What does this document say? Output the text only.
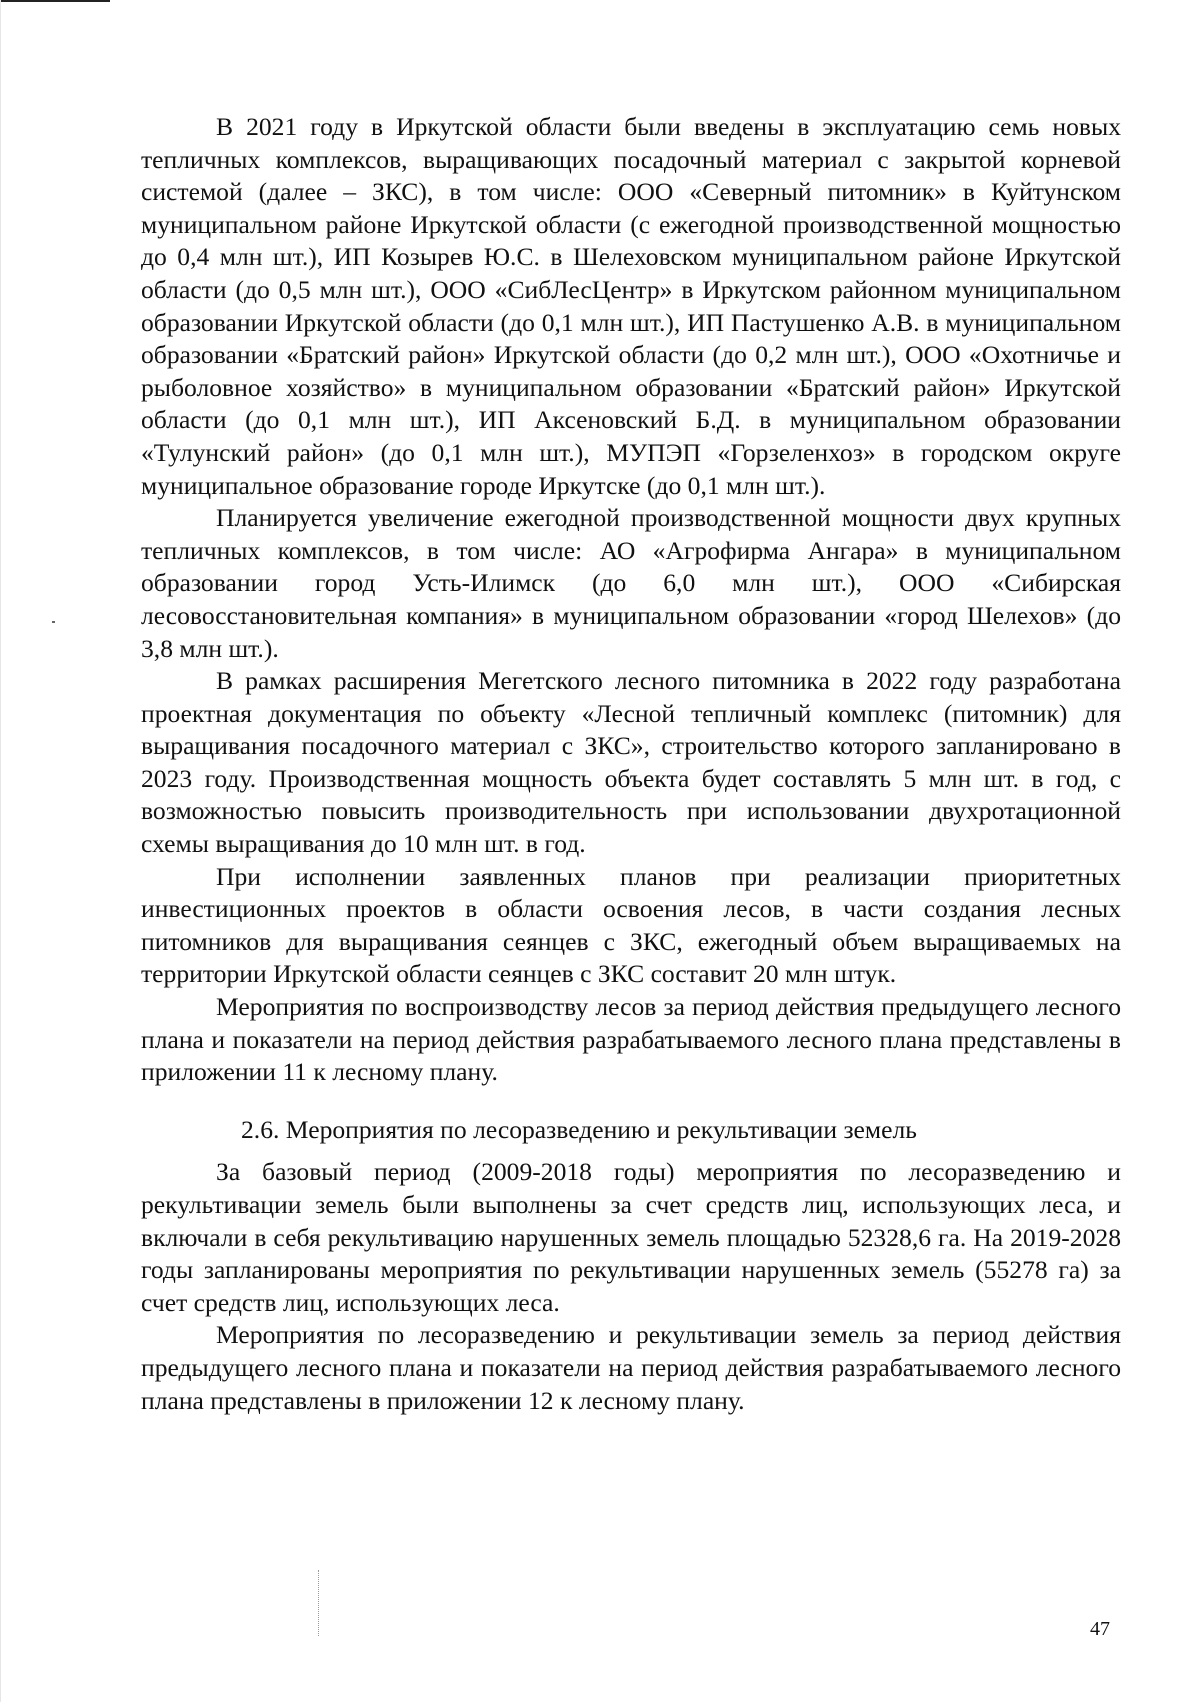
В 2021 году в Иркутской области были введены в эксплуатацию семь новых тепличных комплексов, выращивающих посадочный материал с закрытой корневой системой (далее – ЗКС), в том числе: ООО «Северный питомник» в Куйтунском муниципальном районе Иркутской области (с ежегодной производственной мощностью до 0,4 млн шт.), ИП Козырев Ю.С. в Шелеховском муниципальном районе Иркутской области (до 0,5 млн шт.), ООО «СибЛесЦентр» в Иркутском районном муниципальном образовании Иркутской области (до 0,1 млн шт.), ИП Пастушенко А.В. в муниципальном образовании «Братский район» Иркутской области (до 0,2 млн шт.), ООО «Охотничье и рыболовное хозяйство» в муниципальном образовании «Братский район» Иркутской области (до 0,1 млн шт.), ИП Аксеновский Б.Д. в муниципальном образовании «Тулунский район» (до 0,1 млн шт.), МУПЭП «Горзеленхоз» в городском округе муниципальное образование городе Иркутске (до 0,1 млн шт.).

Планируется увеличение ежегодной производственной мощности двух крупных тепличных комплексов, в том числе: АО «Агрофирма Ангара» в муниципальном образовании город Усть-Илимск (до 6,0 млн шт.), ООО «Сибирская лесовосстановительная компания» в муниципальном образовании «город Шелехов» (до 3,8 млн шт.).

В рамках расширения Мегетского лесного питомника в 2022 году разработана проектная документация по объекту «Лесной тепличный комплекс (питомник) для выращивания посадочного материал с ЗКС», строительство которого запланировано в 2023 году. Производственная мощность объекта будет составлять 5 млн шт. в год, с возможностью повысить производительность при использовании двухротационной схемы выращивания до 10 млн шт. в год.

При исполнении заявленных планов при реализации приоритетных инвестиционных проектов в области освоения лесов, в части создания лесных питомников для выращивания сеянцев с ЗКС, ежегодный объем выращиваемых на территории Иркутской области сеянцев с ЗКС составит 20 млн штук.

Мероприятия по воспроизводству лесов за период действия предыдущего лесного плана и показатели на период действия разрабатываемого лесного плана представлены в приложении 11 к лесному плану.

2.6. Мероприятия по лесоразведению и рекультивации земель

За базовый период (2009-2018 годы) мероприятия по лесоразведению и рекультивации земель были выполнены за счет средств лиц, использующих леса, и включали в себя рекультивацию нарушенных земель площадью 52328,6 га. На 2019-2028 годы запланированы мероприятия по рекультивации нарушенных земель (55278 га) за счет средств лиц, использующих леса.

Мероприятия по лесоразведению и рекультивации земель за период действия предыдущего лесного плана и показатели на период действия разрабатываемого лесного плана представлены в приложении 12 к лесному плану.

47
